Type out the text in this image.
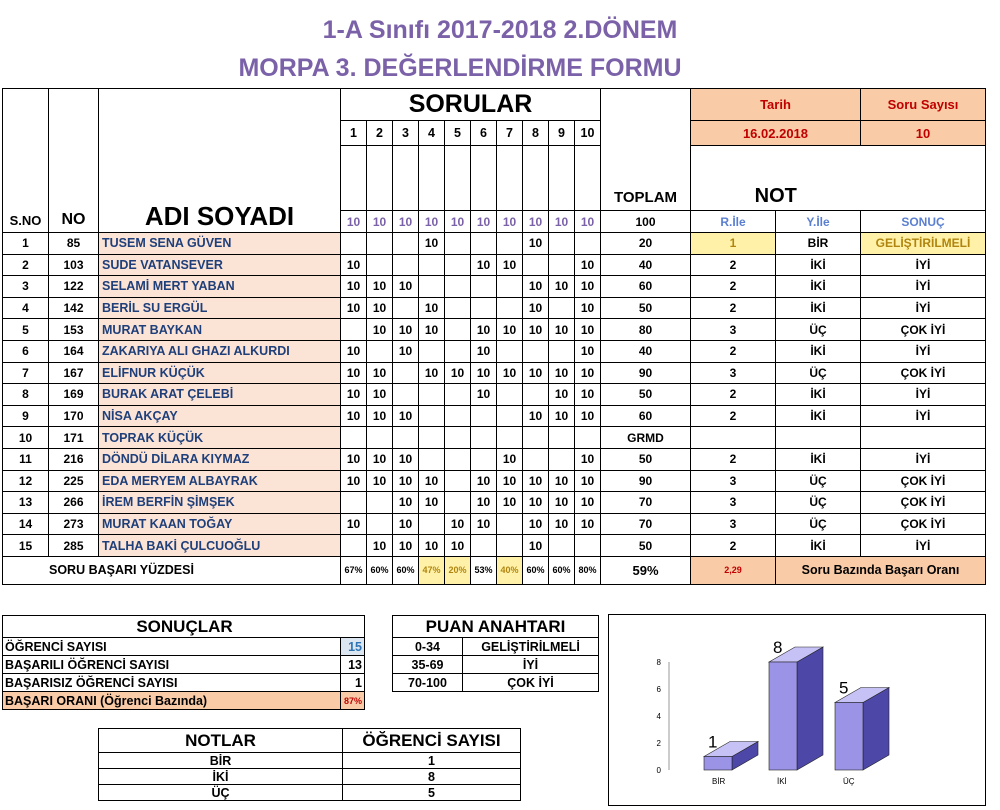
1-A Sınıfı 2017-2018 2.DÖNEM
MORPA 3. DEĞERLENDİRME FORMU
S.NO	NO	ADI SOYADI	SORULAR										TOPLAM	Tarih		Soru Sayısı
			1	2	3	4	5	6	7	8	9	10		16.02.2018		10
														NOT		
			10	10	10	10	10	10	10	10	10	10	100	R.İle	Y.İle	SONUÇ
1	85	TUSEM SENA GÜVEN				10				10			20	1	BİR	GELİŞTİRİLMELİ
2	103	SUDE VATANSEVER	10					10	10			10	40	2	İKİ	İYİ
3	122	SELAMİ MERT YABAN	10	10	10					10	10	10	60	2	İKİ	İYİ
4	142	BERİL SU ERGÜL	10	10		10				10		10	50	2	İKİ	İYİ
5	153	MURAT BAYKAN		10	10	10		10	10	10	10	10	80	3	ÜÇ	ÇOK İYİ
6	164	ZAKARIYA ALI GHAZI ALKURDI	10		10			10				10	40	2	İKİ	İYİ
7	167	ELİFNUR KÜÇÜK	10	10		10	10	10	10	10	10	10	90	3	ÜÇ	ÇOK İYİ
8	169	BURAK ARAT ÇELEBİ	10	10				10			10	10	50	2	İKİ	İYİ
9	170	NİSA AKÇAY	10	10	10					10	10	10	60	2	İKİ	İYİ
10	171	TOPRAK KÜÇÜK											GRMD			
11	216	DÖNDÜ DİLARA KIYMAZ	10	10	10				10			10	50	2	İKİ	İYİ
12	225	EDA MERYEM ALBAYRAK	10	10	10	10		10	10	10	10	10	90	3	ÜÇ	ÇOK İYİ
13	266	İREM BERFİN ŞİMŞEK			10	10		10	10	10	10	10	70	3	ÜÇ	ÇOK İYİ
14	273	MURAT KAAN TOĞAY	10		10		10	10		10	10	10	70	3	ÜÇ	ÇOK İYİ
15	285	TALHA BAKİ ÇULCUOĞLU		10	10	10	10			10			50	2	İKİ	İYİ
SORU BAŞARI YÜZDESİ			67%	60%	60%	47%	20%	53%	40%	60%	60%	80%	59%	2,29	Soru Bazında Başarı Oranı	
SONUÇLAR	
ÖĞRENCİ SAYISI	15
BAŞARILI ÖĞRENCİ SAYISI	13
BAŞARISIZ ÖĞRENCİ SAYISI	1
BAŞARI ORANI (Öğrenci Bazında)	87%
PUAN ANAHTARI	
0-34	GELİŞTİRİLMELİ
35-69	İYİ
70-100	ÇOK İYİ
NOTLAR	ÖĞRENCİ SAYISI
BİR	1
İKİ	8
ÜÇ	5
0
2
4
6
8
1
BİR
8
İKİ
5
ÜÇ
